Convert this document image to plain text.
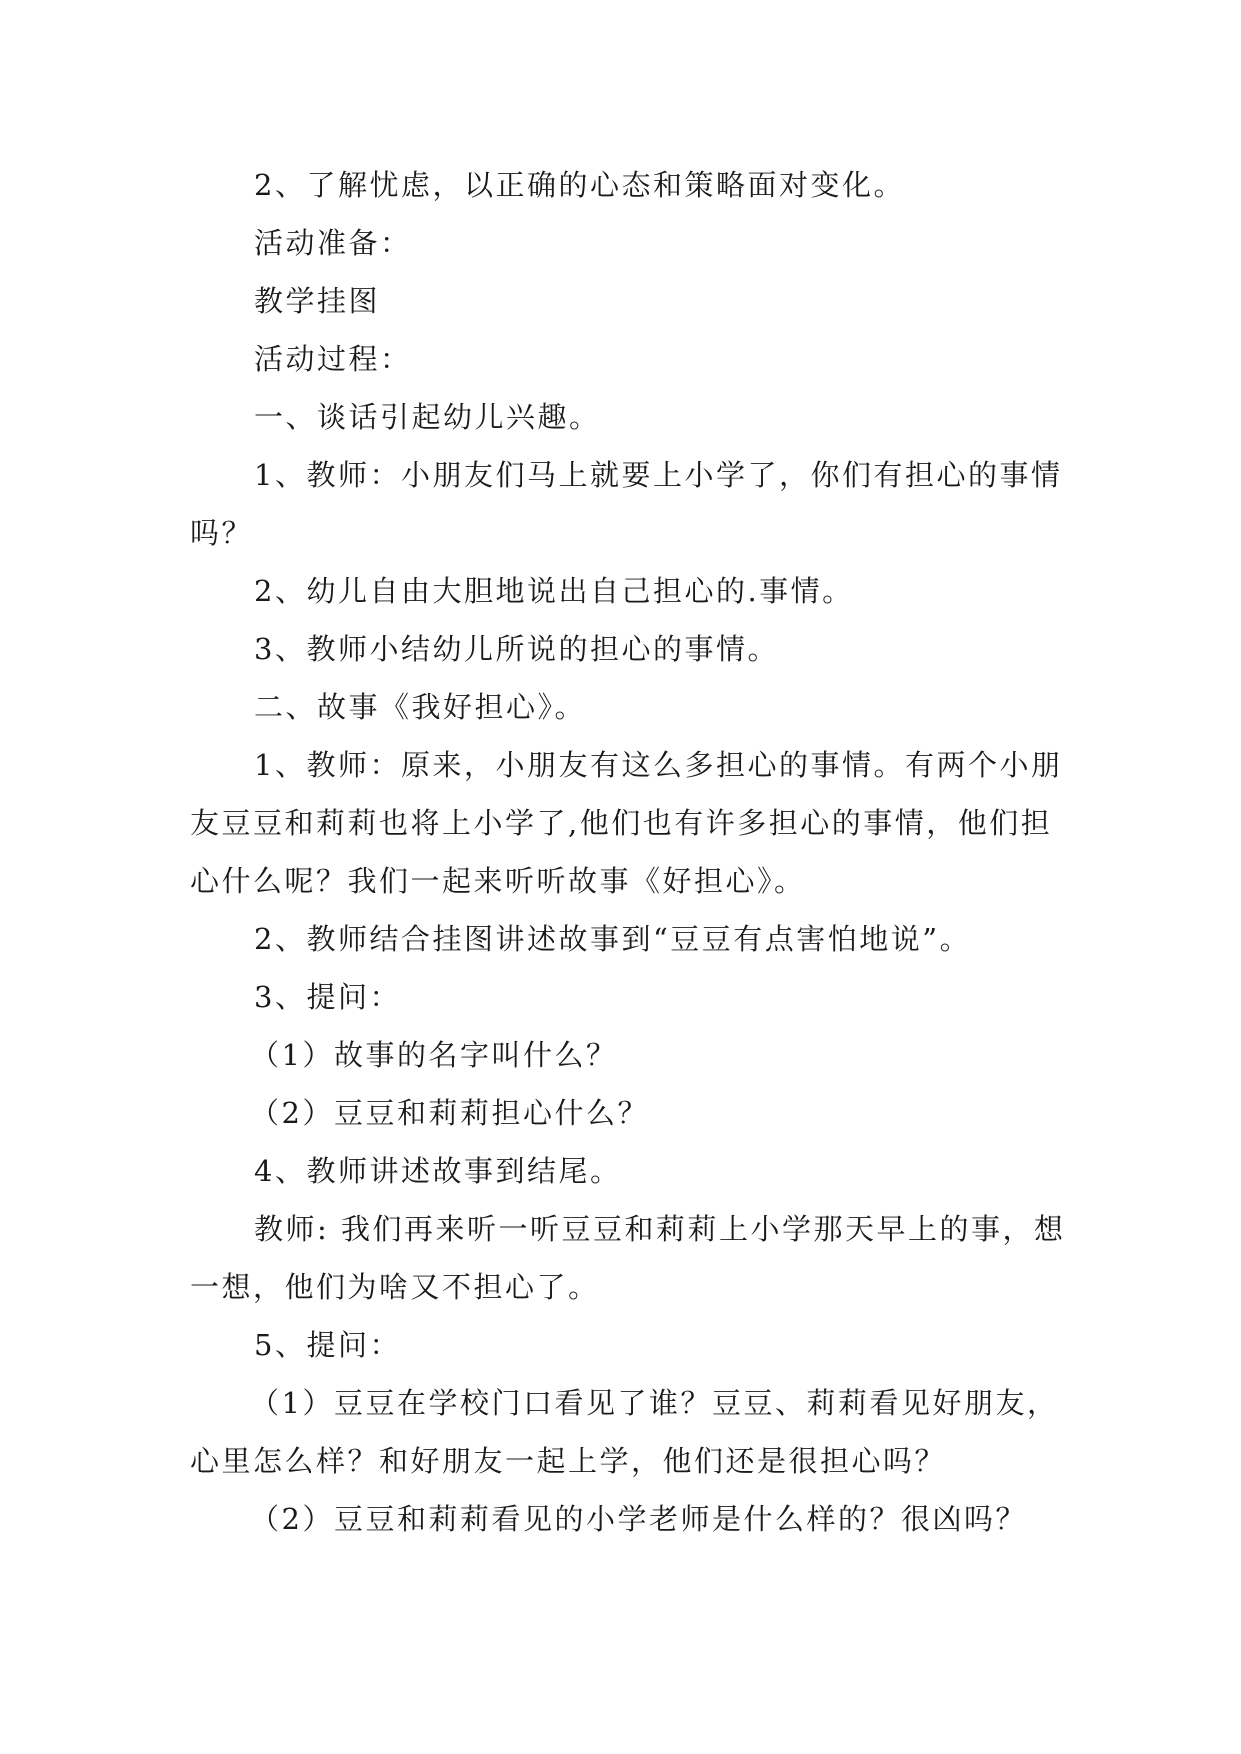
2、了解忧虑，以正确的心态和策略面对变化。

活动准备：

教学挂图

活动过程：

一、谈话引起幼儿兴趣。

1、教师：小朋友们马上就要上小学了，你们有担心的事情吗？

2、幼儿自由大胆地说出自己担心的.事情。

3、教师小结幼儿所说的担心的事情。

二、故事《我好担心》。

1、教师：原来，小朋友有这么多担心的事情。有两个小朋友豆豆和莉莉也将上小学了,他们也有许多担心的事情，他们担心什么呢？我们一起来听听故事《好担心》。

2、教师结合挂图讲述故事到“豆豆有点害怕地说”。

3、提问：

（1）故事的名字叫什么？

（2）豆豆和莉莉担心什么？

4、教师讲述故事到结尾。

教师: 我们再来听一听豆豆和莉莉上小学那天早上的事，想一想，他们为啥又不担心了。

5、提问：

（1）豆豆在学校门口看见了谁？豆豆、莉莉看见好朋友，心里怎么样？和好朋友一起上学，他们还是很担心吗？

（2）豆豆和莉莉看见的小学老师是什么样的？很凶吗？
